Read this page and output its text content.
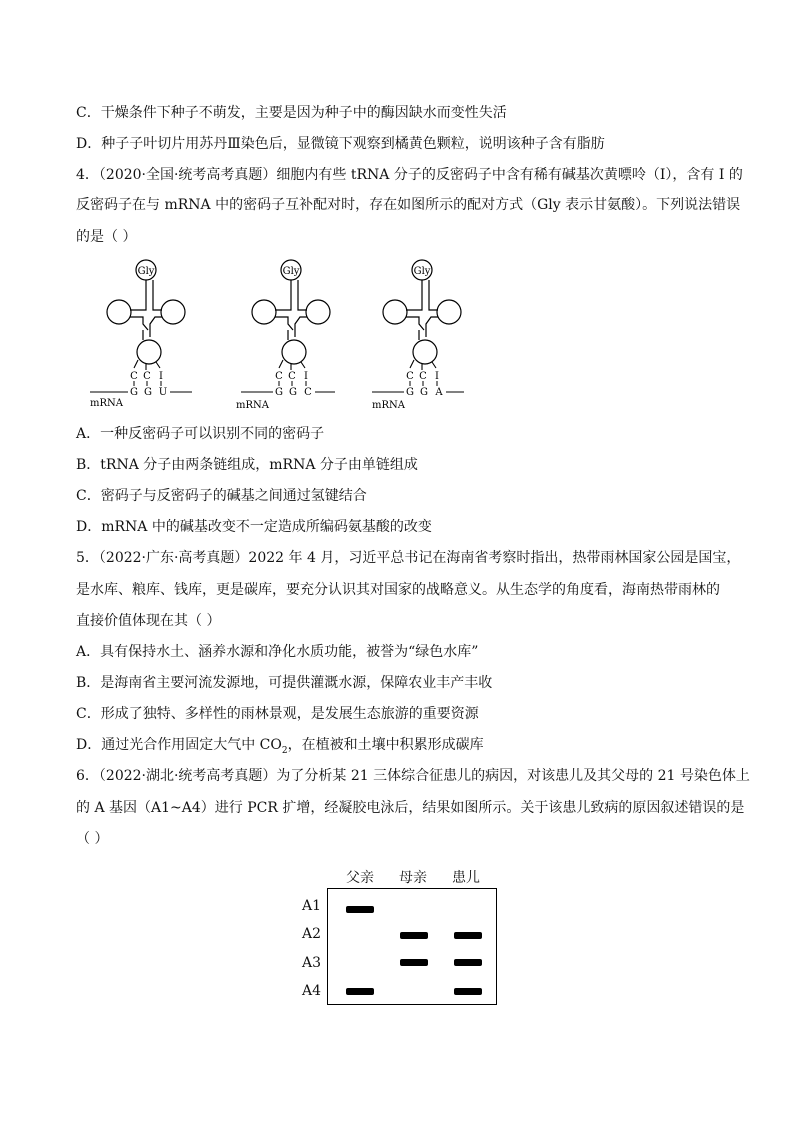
C．干燥条件下种子不萌发，主要是因为种子中的酶因缺水而变性失活
D．种子子叶切片用苏丹Ⅲ染色后，显微镜下观察到橘黄色颗粒，说明该种子含有脂肪
4．（2020·全国·统考高考真题）细胞内有些 tRNA 分子的反密码子中含有稀有碱基次黄嘌呤（I），含有 I 的
反密码子在与 mRNA 中的密码子互补配对时，存在如图所示的配对方式（Gly 表示甘氨酸）。下列说法错误
的是（ ）
Gly
C C I
G G U
mRNA
Gly
C C I
G G C
mRNA
Gly
C C I
G G A
mRNA
A．一种反密码子可以识别不同的密码子
B．tRNA 分子由两条链组成，mRNA 分子由单链组成
C．密码子与反密码子的碱基之间通过氢键结合
D．mRNA 中的碱基改变不一定造成所编码氨基酸的改变
5．（2022·广东·高考真题）2022 年 4 月，习近平总书记在海南省考察时指出，热带雨林国家公园是国宝，
是水库、粮库、钱库，更是碳库，要充分认识其对国家的战略意义。从生态学的角度看，海南热带雨林的
直接价值体现在其（ ）
A．具有保持水土、涵养水源和净化水质功能，被誉为“绿色水库”
B．是海南省主要河流发源地，可提供灌溉水源，保障农业丰产丰收
C．形成了独特、多样性的雨林景观，是发展生态旅游的重要资源
D．通过光合作用固定大气中 $CO_2$，在植被和土壤中积累形成碳库
6．（2022·湖北·统考高考真题）为了分析某 21 三体综合征患儿的病因，对该患儿及其父母的 21 号染色体上
的 A 基因（A1~A4）进行 PCR 扩增，经凝胶电泳后，结果如图所示。关于该患儿致病的原因叙述错误的是
（ ）
父亲 母亲 患儿
A1
A2
A3
A4
